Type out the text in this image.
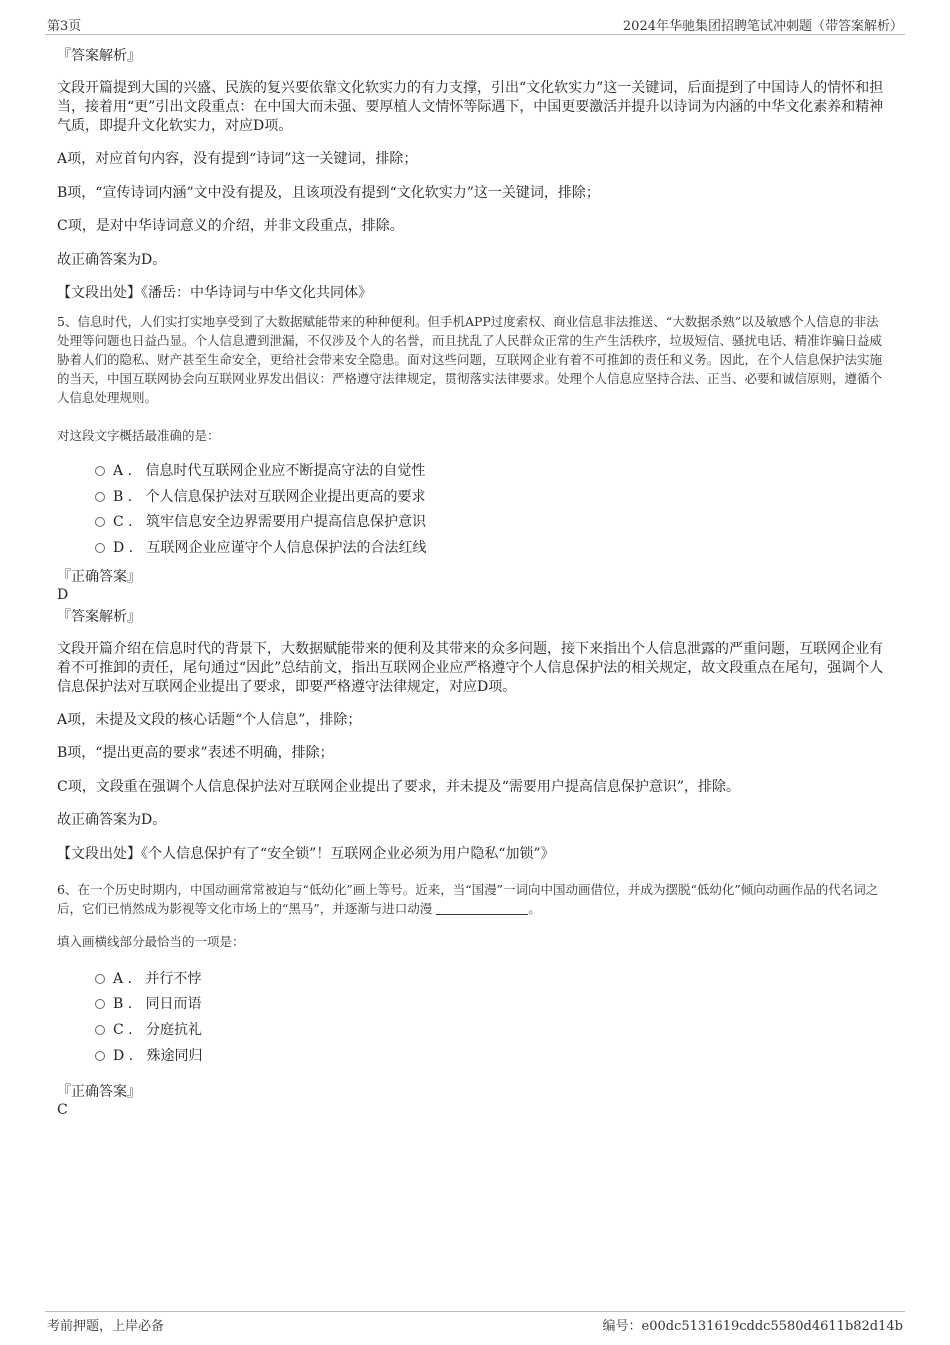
第3页	2024年华驰集团招聘笔试冲刺题（带答案解析）
『答案解析』
文段开篇提到大国的兴盛、民族的复兴要依靠文化软实力的有力支撑，引出“文化软实力”这一关键词，后面提到了中国诗人的情怀和担当，接着用“更”引出文段重点：在中国大而未强、要厚植人文情怀等际遇下，中国更要激活并提升以诗词为内涵的中华文化素养和精神气质，即提升文化软实力，对应D项。
A项，对应首句内容，没有提到“诗词”这一关键词，排除；
B项，“宣传诗词内涵”文中没有提及，且该项没有提到“文化软实力”这一关键词，排除；
C项，是对中华诗词意义的介绍，并非文段重点，排除。
故正确答案为D。
【文段出处】《潘岳：中华诗词与中华文化共同体》
5、信息时代，人们实打实地享受到了大数据赋能带来的种种便利。但手机APP过度索权、商业信息非法推送、“大数据杀熟”以及敏感个人信息的非法处理等问题也日益凸显。个人信息遭到泄漏，不仅涉及个人的名誉，而且扰乱了人民群众正常的生产生活秩序，垃圾短信、骚扰电话、精准诈骗日益威胁着人们的隐私、财产甚至生命安全，更给社会带来安全隐患。面对这些问题，互联网企业有着不可推卸的责任和义务。因此，在个人信息保护法实施的当天，中国互联网协会向互联网业界发出倡议：严格遵守法律规定，贯彻落实法律要求。处理个人信息应坚持合法、正当、必要和诚信原则，遵循个人信息处理规则。
对这段文字概括最准确的是：
A . 信息时代互联网企业应不断提高守法的自觉性
B . 个人信息保护法对互联网企业提出更高的要求
C . 筑牢信息安全边界需要用户提高信息保护意识
D . 互联网企业应谨守个人信息保护法的合法红线
『正确答案』
D
『答案解析』
文段开篇介绍在信息时代的背景下，大数据赋能带来的便利及其带来的众多问题，接下来指出个人信息泄露的严重问题，互联网企业有着不可推卸的责任，尾句通过“因此”总结前文，指出互联网企业应严格遵守个人信息保护法的相关规定，故文段重点在尾句，强调个人信息保护法对互联网企业提出了要求，即要严格遵守法律规定，对应D项。
A项，未提及文段的核心话题“个人信息”，排除；
B项，“提出更高的要求”表述不明确，排除；
C项，文段重在强调个人信息保护法对互联网企业提出了要求，并未提及“需要用户提高信息保护意识”，排除。
故正确答案为D。
【文段出处】《个人信息保护有了“安全锁”！互联网企业必须为用户隐私“加锁”》
6、在一个历史时期内，中国动画常常被迫与“低幼化”画上等号。近来，当“国漫”一词向中国动画借位，并成为摆脱“低幼化”倾向动画作品的代名词之后，它们已悄然成为影视等文化市场上的“黑马”，并逐渐与进口动漫	。
填入画横线部分最恰当的一项是：
A . 并行不悖
B . 同日而语
C . 分庭抗礼
D . 殊途同归
『正确答案』
C
考前押题，上岸必备	编号：e00dc5131619cddc5580d4611b82d14b
